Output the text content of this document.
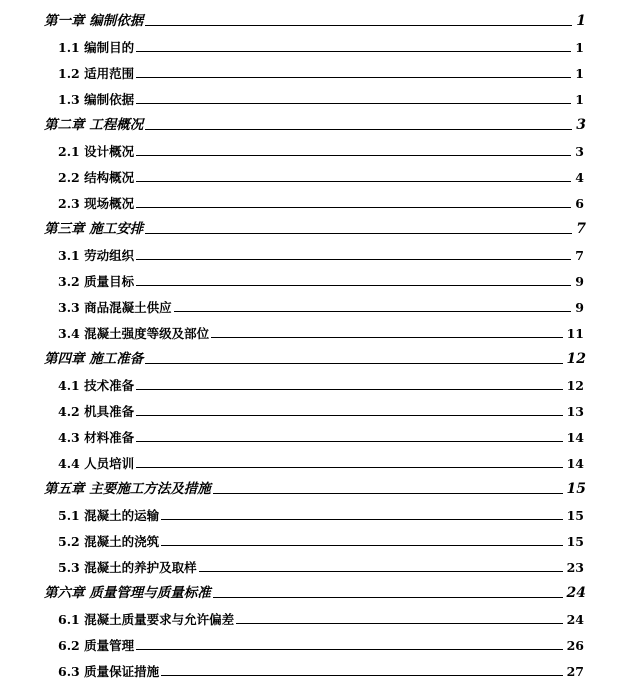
第一章 编制依据	1
1.1 编制目的	1
1.2 适用范围	1
1.3 编制依据	1
第二章 工程概况	3
2.1 设计概况	3
2.2 结构概况	4
2.3 现场概况	6
第三章 施工安排	7
3.1 劳动组织	7
3.2 质量目标	9
3.3 商品混凝土供应	9
3.4 混凝土强度等级及部位	11
第四章 施工准备	12
4.1 技术准备	12
4.2 机具准备	13
4.3 材料准备	14
4.4 人员培训	14
第五章 主要施工方法及措施	15
5.1 混凝土的运输	15
5.2 混凝土的浇筑	15
5.3 混凝土的养护及取样	23
第六章 质量管理与质量标准	24
6.1 混凝土质量要求与允许偏差	24
6.2 质量管理	26
6.3 质量保证措施	27
